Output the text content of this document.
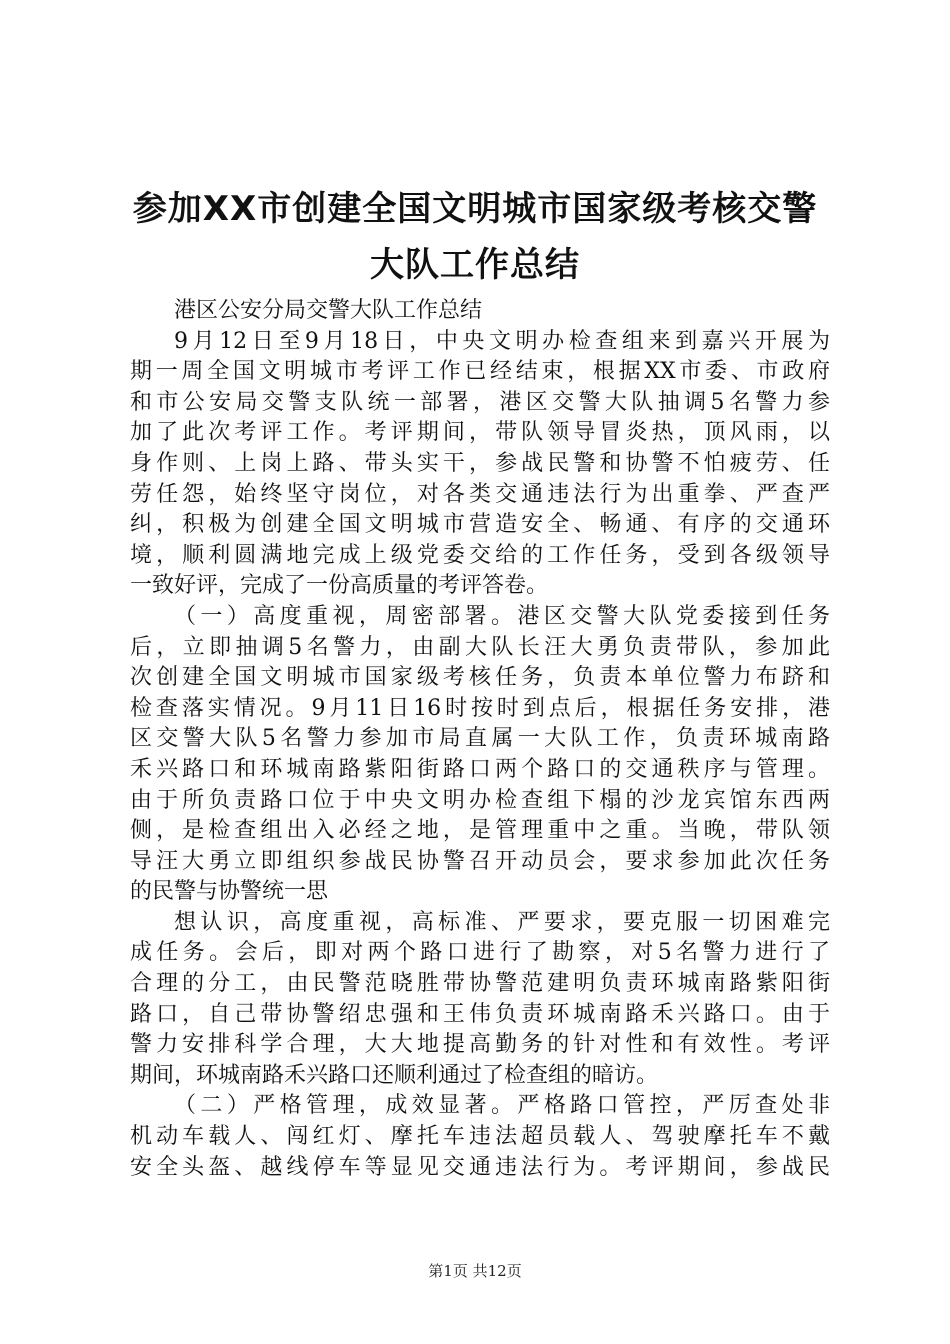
参加XX市创建全国文明城市国家级考核交警
大队工作总结
港区公安分局交警大队工作总结
9月12日至9月18日，中央文明办检查组来到嘉兴开展为
期一周全国文明城市考评工作已经结束，根据XX市委、市政府
和市公安局交警支队统一部署，港区交警大队抽调5名警力参
加了此次考评工作。考评期间，带队领导冒炎热，顶风雨，以
身作则、上岗上路、带头实干，参战民警和协警不怕疲劳、任
劳任怨，始终坚守岗位，对各类交通违法行为出重拳、严查严
纠，积极为创建全国文明城市营造安全、畅通、有序的交通环
境，顺利圆满地完成上级党委交给的工作任务，受到各级领导
一致好评，完成了一份高质量的考评答卷。
（一）高度重视，周密部署。港区交警大队党委接到任务
后，立即抽调5名警力，由副大队长汪大勇负责带队，参加此
次创建全国文明城市国家级考核任务，负责本单位警力布跻和
检查落实情况。9月11日16时按时到点后，根据任务安排，港
区交警大队5名警力参加市局直属一大队工作，负责环城南路
禾兴路口和环城南路紫阳街路口两个路口的交通秩序与管理。
由于所负责路口位于中央文明办检查组下榻的沙龙宾馆东西两
侧，是检查组出入必经之地，是管理重中之重。当晚，带队领
导汪大勇立即组织参战民协警召开动员会，要求参加此次任务
的民警与协警统一思
想认识，高度重视，高标准、严要求，要克服一切困难完
成任务。会后，即对两个路口进行了勘察，对5名警力进行了
合理的分工，由民警范晓胜带协警范建明负责环城南路紫阳街
路口，自己带协警绍忠强和王伟负责环城南路禾兴路口。由于
警力安排科学合理，大大地提高勤务的针对性和有效性。考评
期间，环城南路禾兴路口还顺利通过了检查组的暗访。
（二）严格管理，成效显著。严格路口管控，严厉查处非
机动车载人、闯红灯、摩托车违法超员载人、驾驶摩托车不戴
安全头盔、越线停车等显见交通违法行为。考评期间，参战民
第1页 共12页
